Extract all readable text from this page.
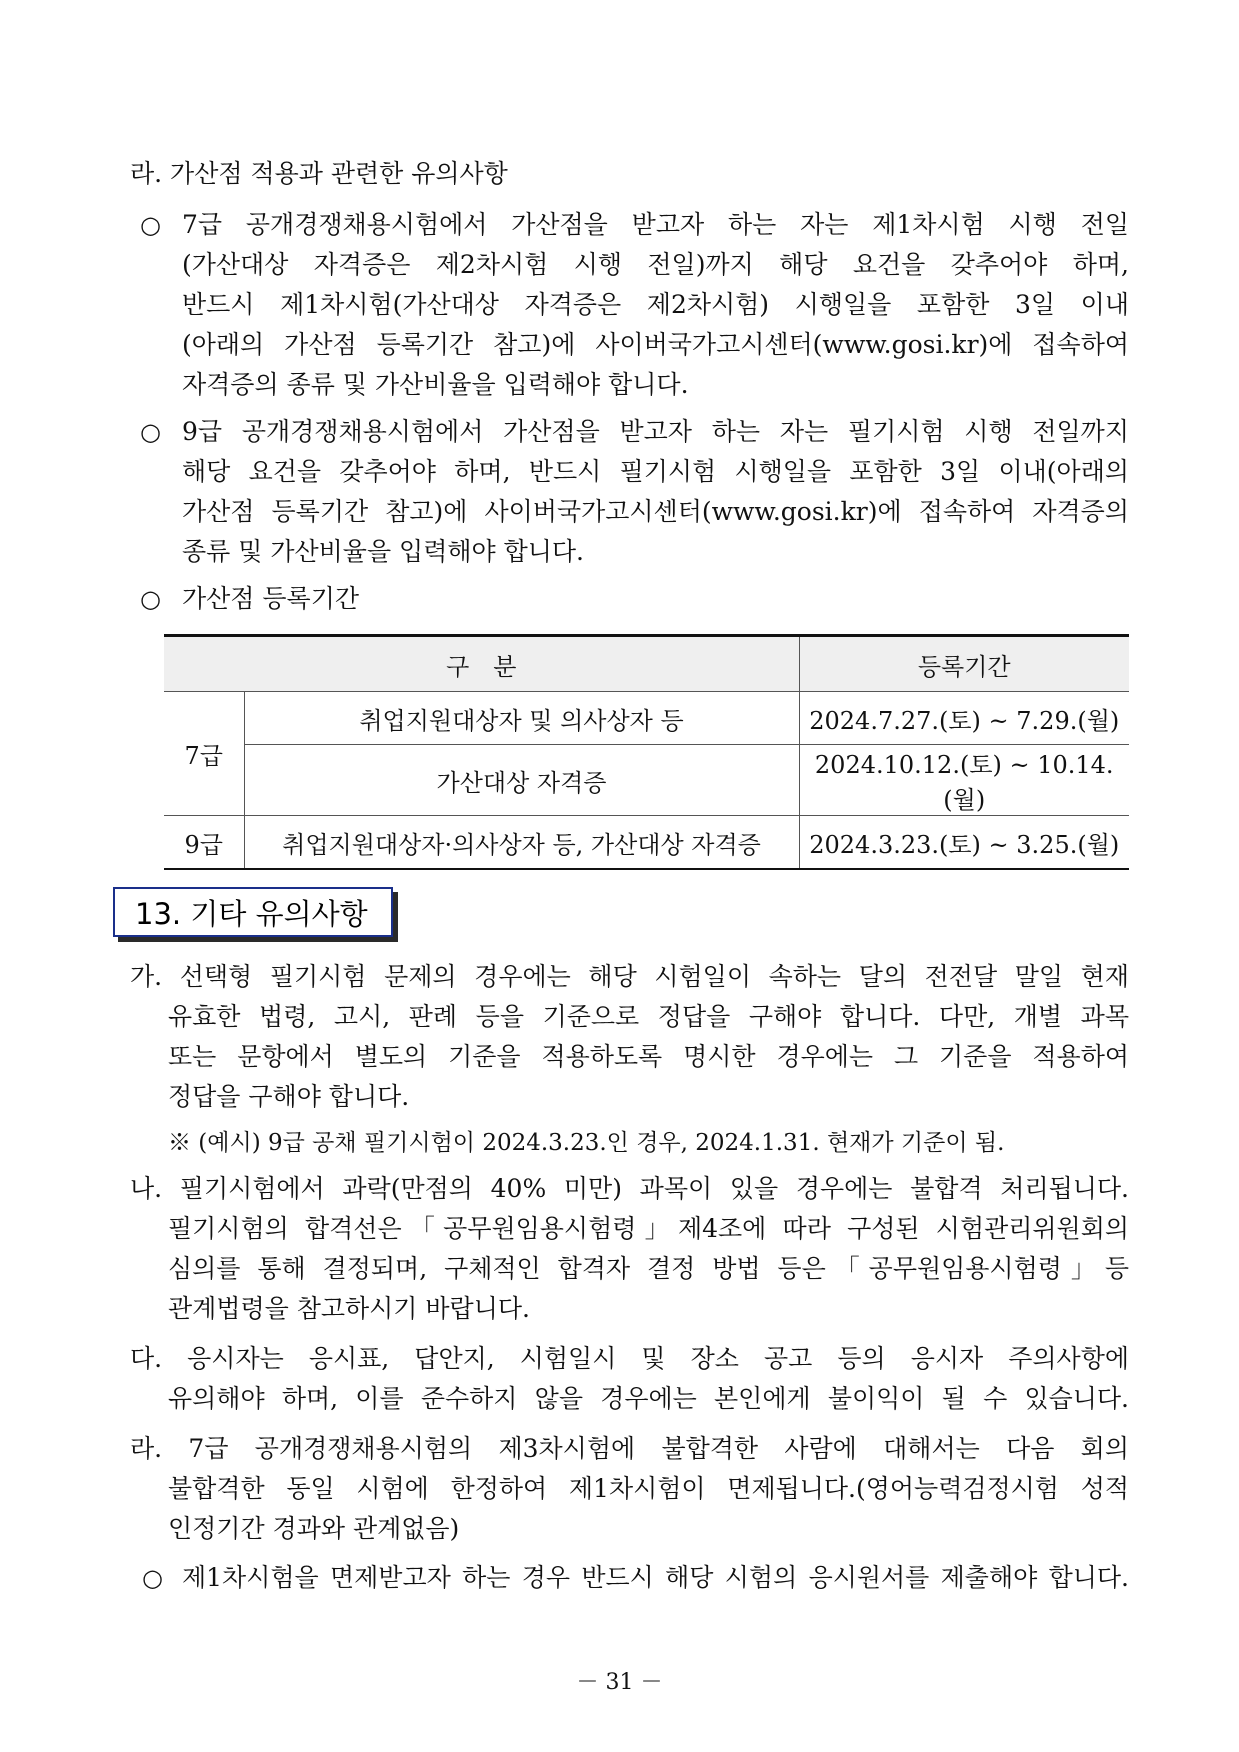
라. 가산점 적용과 관련한 유의사항
○ 7급 공개경쟁채용시험에서 가산점을 받고자 하는 자는 제1차시험 시행 전일
(가산대상 자격증은 제2차시험 시행 전일)까지 해당 요건을 갖추어야 하며,
반드시 제1차시험(가산대상 자격증은 제2차시험) 시행일을 포함한 3일 이내
(아래의 가산점 등록기간 참고)에 사이버국가고시센터(www.gosi.kr)에 접속하여
자격증의 종류 및 가산비율을 입력해야 합니다.
○ 9급 공개경쟁채용시험에서 가산점을 받고자 하는 자는 필기시험 시행 전일까지
해당 요건을 갖추어야 하며, 반드시 필기시험 시행일을 포함한 3일 이내(아래의
가산점 등록기간 참고)에 사이버국가고시센터(www.gosi.kr)에 접속하여 자격증의
종류 및 가산비율을 입력해야 합니다.
○ 가산점 등록기간
구　분		등록기간
7급	취업지원대상자 및 의사상자 등	2024.7.27.(토) ~ 7.29.(월)
	가산대상 자격증	2024.10.12.(토) ~ 10.14.(월)
9급	취업지원대상자·의사상자 등, 가산대상 자격증	2024.3.23.(토) ~ 3.25.(월)
13. 기타 유의사항
가. 선택형 필기시험 문제의 경우에는 해당 시험일이 속하는 달의 전전달 말일 현재
유효한 법령, 고시, 판례 등을 기준으로 정답을 구해야 합니다. 다만, 개별 과목
또는 문항에서 별도의 기준을 적용하도록 명시한 경우에는 그 기준을 적용하여
정답을 구해야 합니다.
※ (예시) 9급 공채 필기시험이 2024.3.23.인 경우, 2024.1.31. 현재가 기준이 됨.
나. 필기시험에서 과락(만점의 40% 미만) 과목이 있을 경우에는 불합격 처리됩니다.
필기시험의 합격선은「공무원임용시험령」제4조에 따라 구성된 시험관리위원회의
심의를 통해 결정되며, 구체적인 합격자 결정 방법 등은「공무원임용시험령」등
관계법령을 참고하시기 바랍니다.
다. 응시자는 응시표, 답안지, 시험일시 및 장소 공고 등의 응시자 주의사항에
유의해야 하며, 이를 준수하지 않을 경우에는 본인에게 불이익이 될 수 있습니다.
라. 7급 공개경쟁채용시험의 제3차시험에 불합격한 사람에 대해서는 다음 회의
불합격한 동일 시험에 한정하여 제1차시험이 면제됩니다.(영어능력검정시험 성적
인정기간 경과와 관계없음)
○ 제1차시험을 면제받고자 하는 경우 반드시 해당 시험의 응시원서를 제출해야 합니다.
－ 31 －
